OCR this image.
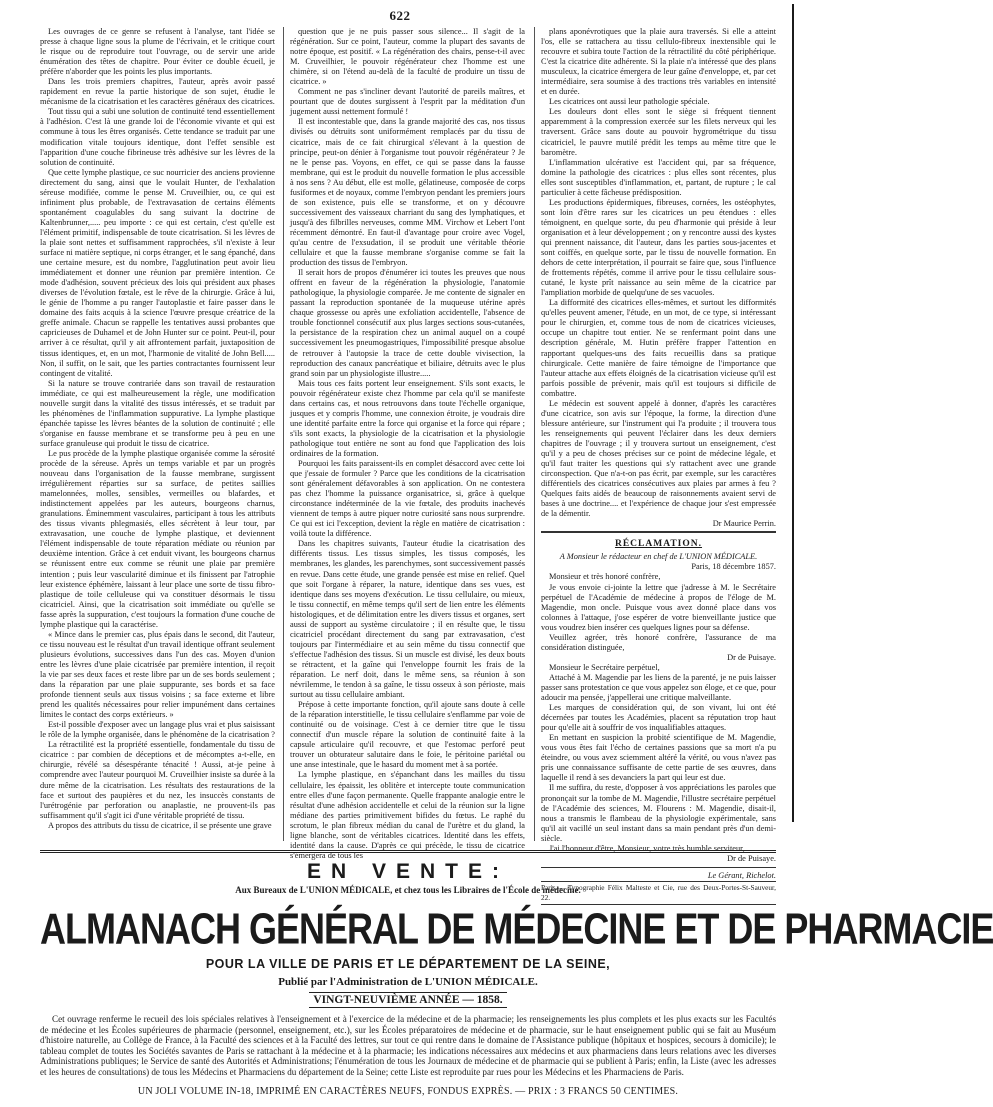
622

Les ouvrages de ce genre se refusent à l'analyse, tant l'idée se presse à chaque ligne sous la plume de l'écrivain, et le critique court le risque ou de reproduire tout l'ouvrage, ou de servir une aride énumération des têtes de chapitre. Pour éviter ce double écueil, je préfère n'aborder que les points les plus importants.

Dans les trois premiers chapitres, l'auteur, après avoir passé rapidement en revue la partie historique de son sujet, étudie le mécanisme de la cicatrisation et les caractères généraux des cicatrices.

Tout tissu qui a subi une solution de continuité tend essentiellement à l'adhésion. C'est là une grande loi de l'économie vivante et qui est commune à tous les êtres organisés. Cette tendance se traduit par une modification vitale toujours identique, dont l'effet sensible est l'apparition d'une couche fibrineuse très adhésive sur les lèvres de la solution de continuité.

Que cette lymphe plastique, ce suc nourricier des anciens provienne directement du sang, ainsi que le voulait Hunter, de l'exhalation séreuse modifiée, comme le pense M. Cruveilhier, ou, ce qui est infiniment plus probable, de l'extravasation de certains éléments spontanément coagulables du sang suivant la doctrine de Kaltenbrunner,..... peu importe : ce qui est certain, c'est qu'elle est l'élément primitif, indispensable de toute cicatrisation. Si les lèvres de la plaie sont nettes et suffisamment rapprochées, s'il n'existe à leur surface ni matière septique, ni corps étranger, et le sang épanché, dans une certaine mesure, est du nombre, l'agglutination peut avoir lieu immédiatement et donner une réunion par première intention. Ce mode d'adhésion, souvent précieux des lois qui président aux phases diverses de l'évolution fœtale, est le rêve de la chirurgie. Grâce à lui, le génie de l'homme a pu ranger l'autoplastie et faire passer dans le domaine des faits acquis à la science l'œuvre presque créatrice de la greffe animale. Chacun se rappelle les tentatives aussi probantes que capricieuses de Duhamel et de John Hunter sur ce point. Peut-il, pour arriver à ce résultat, qu'il y ait affrontement parfait, juxtaposition de tissus identiques, et, en un mot, l'harmonie de vitalité de John Bell..... Non, il suffit, on le sait, que les parties contractantes fournissent leur contingent de vitalité.

Si la nature se trouve contrariée dans son travail de restauration immédiate, ce qui est malheureusement la règle, une modification nouvelle surgit dans la vitalité des tissus intéressés, et se traduit par les phénomènes de l'inflammation suppurative. La lymphe plastique épanchée tapisse les lèvres béantes de la solution de continuité ; elle s'organise en fausse membrane et se transforme peu à peu en une surface granuleuse qui produit le tissu de cicatrice.

Le pus procède de la lymphe plastique organisée comme la sérosité procède de la séreuse. Après un temps variable et par un progrès nouveau dans l'organisation de la fausse membrane, surgissent irrégulièrement réparties sur sa surface, de petites saillies mamelonnées, molles, sensibles, vermeilles ou blafardes, et indistinctement appelées par les auteurs, bourgeons charnus, granulations. Éminemment vasculaires, participant à tous les attributs des tissus vivants phlegmasiés, elles sécrètent à leur tour, par extravasation, une couche de lymphe plastique, et deviennent l'élément indispensable de toute réparation médiate ou réunion par deuxième intention. Grâce à cet enduit vivant, les bourgeons charnus se réunissent entre eux comme se réunit une plaie par première intention ; puis leur vascularité diminue et ils finissent par l'atrophie leur existence éphémère, laissant à leur place une sorte de tissu fibro-plastique de toile celluleuse qui va constituer désormais le tissu cicatriciel. Ainsi, que la cicatrisation soit immédiate ou qu'elle se fasse après la suppuration, c'est toujours la formation d'une couche de lymphe plastique qui la caractérise.

« Mince dans le premier cas, plus épais dans le second, dit l'auteur, ce tissu nouveau est le résultat d'un travail identique offrant seulement plusieurs évolutions, successives dans l'un des cas. Moyen d'union entre les lèvres d'une plaie cicatrisée par première intention, il reçoit la vie par ses deux faces et reste libre par un de ses bords seulement ; dans la réparation par une plaie suppurante, ses bords et sa face profonde tiennent seuls aux tissus voisins ; sa face externe et libre prend les qualités nécessaires pour relier impunément dans certaines limites le contact des corps extérieurs. »

Est-il possible d'exposer avec un langage plus vrai et plus saisissant le rôle de la lymphe organisée, dans le phénomène de la cicatrisation ?

La rétractilité est la propriété essentielle, fondamentale du tissu de cicatrice : par combien de déceptions et de mécomptes a-t-elle, en chirurgie, révélé sa désespérante ténacité ! Aussi, at-je peine à comprendre avec l'auteur pourquoi M. Cruveilhier insiste sa durée à la dure même de la cicatrisation. Les résultats des restaurations de la face et surtout des paupières et du nez, les insuccès constants de l'urétrogénie par perforation ou anaplastie, ne prouvent-ils pas suffisamment qu'il s'agit ici d'une véritable propriété de tissu.

A propos des attributs du tissu de cicatrice, il se présente une grave

question que je ne puis passer sous silence... Il s'agit de la régénération. Sur ce point, l'auteur, comme la plupart des savants de notre époque, est positif. « La régénération des chairs, pense-t-il avec M. Cruveilhier, le pouvoir régénérateur chez l'homme est une chimère, si on l'étend au-delà de la faculté de produire un tissu de cicatrice. »

Comment ne pas s'incliner devant l'autorité de pareils maîtres, et pourtant que de doutes surgissent à l'esprit par la méditation d'un jugement aussi nettement formulé !

Il est incontestable que, dans la grande majorité des cas, nos tissus divisés ou détruits sont uniformément remplacés par du tissu de cicatrice, mais de ce fait chirurgical s'élevant à la question de principe, peut-on dénier à l'organisme tout pouvoir régénérateur ? Je ne le pense pas. Voyons, en effet, ce qui se passe dans la fausse membrane, qui est le produit du nouvelle formation le plus accessible à nos sens ? Au début, elle est molle, gélatineuse, composée de corps fusiformes et de noyaux, comme l'embryon pendant les premiers jours de son existence, puis elle se transforme, et on y découvre successivement des vaisseaux charriant du sang des lymphatiques, et jusqu'à des filbrilles nerveuses, comme MM. Virchow et Lebert l'ont récemment démontré. En faut-il d'avantage pour croire avec Vogel, qu'au centre de l'exsudation, il se produit une véritable théorie cellulaire et que la fausse membrane s'organise comme se fait la production des tissus de l'embryon.

Il serait hors de propos d'énumérer ici toutes les preuves que nous offrent en faveur de la régénération la physiologie, l'anatomie pathologique, la physiologie comparée. Je me contente de signaler en passant la reproduction spontanée de la muqueuse utérine après chaque grossesse ou après une exfoliation accidentelle, l'absence de trouble fonctionnel consécutif aux plus larges sections sous-cutanées, la persistance de la respiration chez un animal auquel on a coupé successivement les pneumogastriques, l'impossibilité presque absolue de retrouver à l'autopsie la trace de cette double vivisection, la reproduction des canaux pancréatique et biliaire, détruits avec le plus grand soin par un physiologiste illustre.....

Mais tous ces faits portent leur enseignement. S'ils sont exacts, le pouvoir régénérateur existe chez l'homme par cela qu'il se manifeste dans certains cas, et nous retrouvons dans toute l'échelle organique, jusques et y compris l'homme, une connexion étroite, je voudrais dire une identité parfaite entre la force qui organise et la force qui répare ; s'ils sont exacts, la physiologie de la cicatrisation et la physiologie pathologique tout entière ne sont au fond que l'application des lois ordinaires de la formation.

Pourquoi les faits paraissent-ils en complet désaccord avec cette loi que j'essaie de formuler ? Parce que les conditions de la cicatrisation sont généralement défavorables à son application. On ne contestera pas chez l'homme la puissance organisatrice, si, grâce à quelque circonstance indéterminée de la vie fœtale, des produits inachevés viennent de temps à autre piquer notre curiosité sans nous surprendre. Ce qui est ici l'exception, devient la règle en matière de cicatrisation : voilà toute la différence.

Dans les chapitres suivants, l'auteur étudie la cicatrisation des différents tissus. Les tissus simples, les tissus composés, les membranes, les glandes, les parenchymes, sont successivement passés en revue. Dans cette étude, une grande pensée est mise en relief. Quel que soit l'organe à réparer, la nature, identique dans ses vues, est identique dans ses moyens d'exécution. Le tissu cellulaire, ou mieux, le tissu connectif, en même temps qu'il sert de lien entre les éléments histologiques, et de délimitation entre les divers tissus et organes, sert aussi de support au système circulatoire ; il en résulte que, le tissu cicatriciel procédant directement du sang par extravasation, c'est toujours par l'intermédiaire et au sein même du tissu connectif que s'effectue l'adhésion des tissus. Si un muscle est divisé, les deux bouts se rétractent, et la gaîne qui l'enveloppe fournit les frais de la réparation. Le nerf doit, dans le même sens, sa réunion à son névrilemme, le tendon à sa gaîne, le tissu osseux à son périoste, mais surtout au tissu cellulaire ambiant.

Prépose à cette importante fonction, qu'il ajoute sans doute à celle de la réparation interstitielle, le tissu cellulaire s'enflamme par voie de continuité ou de voisinage. C'est à ce dernier titre que le tissu connectif d'un muscle répare la solution de continuité faite à la capsule articulaire qu'il recouvre, et que l'estomac perforé peut trouver un obturateur salutaire dans le foie, le péritoine pariétal ou une anse intestinale, que le hasard du moment met à sa portée.

La lymphe plastique, en s'épanchant dans les mailles du tissu cellulaire, les épaissit, les oblitère et intercepte toute communication entre elles d'une façon permanente. Quelle frappante analogie entre le résultat d'une adhésion accidentelle et celui de la réunion sur la ligne médiane des parties primitivement bifides du fœtus. Le raphé du scrotum, le plan fibreux médian du canal de l'urètre et du gland, la ligne blanche, sont de véritables cicatrices. Identité dans les effets, identité dans la cause. D'après ce qui précède, le tissu de cicatrice s'émergera de tous les

plans aponévrotiques que la plaie aura traversés. Si elle a atteint l'os, elle se rattachera au tissu cellulo-fibreux inextensible qui le recouvre et subira toute l'action de la rétractilité du côté périphérique. C'est la cicatrice dite adhérente. Si la plaie n'a intéressé que des plans musculeux, la cicatrice émergera de leur gaîne d'enveloppe, et, par cet intermédiaire, sera soumise à des tractions très variables en intensité et en durée.

Les cicatrices ont aussi leur pathologie spéciale.

Les douleurs dont elles sont le siège si fréquent tiennent apparemment à la compression exercée sur les filets nerveux qui les traversent. Grâce sans doute au pouvoir hygrométrique du tissu cicatriciel, le pauvre mutilé prédit les temps au même titre que le baromètre.

L'inflammation ulcérative est l'accident qui, par sa fréquence, domine la pathologie des cicatrices : plus elles sont récentes, plus elles sont susceptibles d'inflammation, et, partant, de rupture ; le cal particulier à cette fâcheuse prédisposition.

Les productions épidermiques, fibreuses, cornées, les ostéophytes, sont loin d'être rares sur les cicatrices un peu étendues : elles témoignent, en quelque sorte, du peu d'harmonie qui préside à leur organisation et à leur développement ; on y rencontre aussi des kystes qui prennent naissance, dit l'auteur, dans les parties sous-jacentes et sont coiffés, en quelque sorte, par le tissu de nouvelle formation. En dehors de cette interprétation, il pourrait se faire que, sous l'influence de frottements répétés, comme il arrive pour le tissu cellulaire sous-cutané, le kyste prît naissance au sein même de la cicatrice par l'ampliation morbide de quelqu'une de ses vacuoles.

La difformité des cicatrices elles-mêmes, et surtout les difformités qu'elles peuvent amener, l'étude, en un mot, de ce type, si intéressant pour le chirurgien, et, comme tous de nom de cicatrices vicieuses, occupe un chapitre tout entier. Ne se renfermant point dans une description générale, M. Hutin préfère frapper l'attention en rapportant quelques-uns des faits recueillis dans sa pratique chirurgicale. Cette manière de faire témoigne de l'importance que l'auteur attache aux effets éloignés de la cicatrisation vicieuse qu'il est parfois possible de prévenir, mais qu'il est toujours si difficile de combattre.

Le médecin est souvent appelé à donner, d'après les caractères d'une cicatrice, son avis sur l'époque, la forme, la direction d'une blessure antérieure, sur l'instrument qui l'a produite ; il trouvera tous les renseignements qui peuvent l'éclairer dans les deux derniers chapitres de l'ouvrage ; il y trouvera surtout un enseignement, c'est qu'il y a peu de choses précises sur ce point de médecine légale, et qu'il faut traiter les questions qui s'y rattachent avec une grande circonspection. Que n'a-t-on pas écrit, par exemple, sur les caractères différentiels des cicatrices consécutives aux plaies par armes à feu ? Quelques faits aidés de beaucoup de raisonnements avaient servi de bases à une doctrine.... et l'expérience de chaque jour s'est empressée de la démentir.

Dr Maurice Perrin.

RÉCLAMATION.

A Monsieur le rédacteur en chef de L'UNION MÉDICALE.

Paris, 18 décembre 1857.

Monsieur et très honoré confrère,

Je vous envoie ci-jointe la lettre que j'adresse à M. le Secrétaire perpétuel de l'Académie de médecine à propos de l'éloge de M. Magendie, mon oncle. Puisque vous avez donné place dans vos colonnes à l'attaque, j'ose espérer de votre bienveillante justice que vous voudrez bien insérer ces quelques lignes pour sa défense.

Veuillez agréer, très honoré confrère, l'assurance de ma considération distinguée,

Dr de Puisaye.

Monsieur le Secrétaire perpétuel,

Attaché à M. Magendie par les liens de la parenté, je ne puis laisser passer sans protestation ce que vous appelez son éloge, et ce que, pour adoucir ma pensée, j'appellerai une critique malveillante.

Les marques de considération qui, de son vivant, lui ont été décernées par toutes les Académies, placent sa réputation trop haut pour qu'elle ait à souffrir de vos inqualifiables attaques.

En mettant en suspicion la probité scientifique de M. Magendie, vous vous êtes fait l'écho de certaines passions que sa mort n'a pu éteindre, ou vous avez sciemment altéré la vérité, ou vous n'avez pas pris une connaissance suffisante de cette partie de ses œuvres, dans laquelle il rend à ses devanciers la part qui leur est due.

Il me suffira, du reste, d'opposer à vos appréciations les paroles que prononçait sur la tombe de M. Magendie, l'illustre secrétaire perpétuel de l'Académie des sciences, M. Flourens : M. Magendie, disait-il, nous a transmis le flambeau de la physiologie expérimentale, sans qu'il ait vacillé un seul instant dans sa main pendant près d'un demi-siècle.

J'ai l'honneur d'être, Monsieur, votre très humble serviteur,

Dr de Puisaye.

Le Gérant, Richelot.

Paris.— Typographie Félix Malteste et Cie, rue des Deux-Portes-St-Sauveur, 22.

EN VENTE:
Aux Bureaux de L'UNION MÉDICALE, et chez tous les Libraires de l'École de médecine.
ALMANACH GÉNÉRAL DE MÉDECINE ET DE PHARMACIE
POUR LA VILLE DE PARIS ET LE DÉPARTEMENT DE LA SEINE,
Publié par l'Administration de L'UNION MÉDICALE.
VINGT-NEUVIÈME ANNÉE — 1858.

Cet ouvrage renferme le recueil des lois spéciales relatives à l'enseignement et à l'exercice de la médecine et de la pharmacie; les renseignements les plus complets et les plus exacts sur les Facultés de médecine et les Écoles supérieures de pharmacie (personnel, enseignement, etc.), sur les Écoles préparatoires de médecine et de pharmacie, sur le haut enseignement public qui se fait au Muséum d'histoire naturelle, au Collège de France, à la Faculté des sciences et à la Faculté des lettres, sur tout ce qui rentre dans le domaine de l'Assistance publique (hôpitaux et hospices, secours à domicile); le tableau complet de toutes les Sociétés savantes de Paris se rattachant à la médecine et à la pharmacie; les indications nécessaires aux médecins et aux pharmaciens dans leurs relations avec les diverses Administrations publiques; le Service de santé des Autorités et Administrations; l'énumération de tous les Journaux de médecine et de pharmacie qui se publient à Paris; enfin, la Liste (avec les adresses et les heures de consultations) de tous les Médecins et Pharmaciens du département de la Seine; cette Liste est reproduite par rues pour les Médecins et les Pharmaciens de Paris.

UN JOLI VOLUME IN-18, IMPRIMÉ EN CARACTÈRES NEUFS, FONDUS EXPRÈS. — PRIX : 3 FRANCS 50 CENTIMES.
